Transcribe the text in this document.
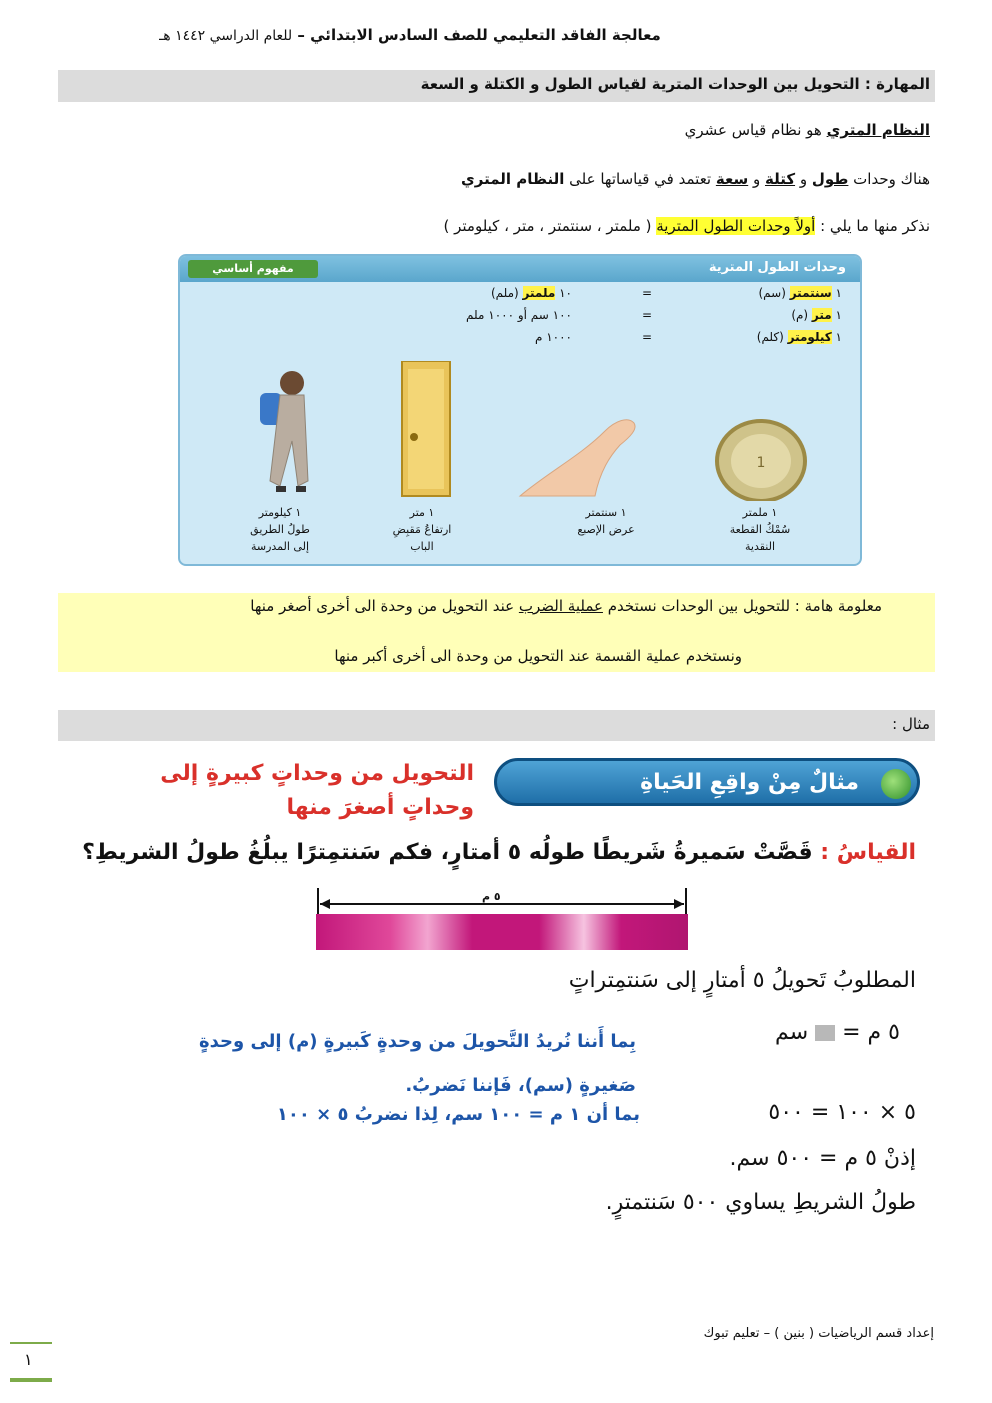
معالجة الفاقد التعليمي للصف السادس الابتدائي – للعام الدراسي ١٤٤٢ هـ
المهارة : التحويل بين الوحدات المترية لقياس الطول و الكتلة و السعة
النظام المتري هو نظام قياس عشري
هناك وحدات طول و كتلة و سعة تعتمد في قياساتها على النظام المتري
نذكر منها ما يلي : أولاً وحدات الطول المترية ( ملمتر ، سنتمتر ، متر ، كيلومتر )
وحدات الطول المترية
مفهوم أساسي
١ سنتمتر (سم)=١٠ ملمتر (ملم)
١ متر (م)=١٠٠ سم أو ١٠٠٠ ملم
١ كيلومتر (كلم)=١٠٠٠ م
1
١ ملمتر
سُمْكُ القطعة
النقدية
١ سنتمتر
عرض الإصبع
١ متر
ارتفاعُ مَقبِضِ
الباب
١ كيلومتر
طولُ الطريق
إلى المدرسة
معلومة هامة : للتحويل بين الوحدات نستخدم عملية الضرب عند التحويل من وحدة الى أخرى أصغر منها
ونستخدم عملية القسمة عند التحويل من وحدة الى أخرى أكبر منها
مثال :
مثالٌ مِنْ واقِعِ الحَياةِ
التحويل من وحداتٍ كبيرةٍ إلى
وحداتٍ أصغرَ منها
القياسُ : قَصَّتْ سَميرةُ شَريطًا طولُه ٥ أمتارٍ، فكم سَنتمِترًا يبلُغُ طولُ الشريطِ؟
٥ م
المطلوبُ تَحويلُ ٥ أمتارٍ إلى سَنتمِتراتٍ
٥ م =  سم
بِما أَننا نُريدُ التَّحويلَ من وحدةٍ كَبيرةٍ (م) إلى وحدةٍ صَغيرةٍ (سم)، فَإننا نَضربُ.
٥ × ١٠٠ = ٥٠٠
بما أن ١ م = ١٠٠ سم، لِذا نضربُ ٥ × ١٠٠
إذنْ ٥ م = ٥٠٠ سم.
طولُ الشريطِ يساوي ٥٠٠ سَنتمترٍ.
إعداد قسم الرياضيات ( بنين ) – تعليم تبوك
١
